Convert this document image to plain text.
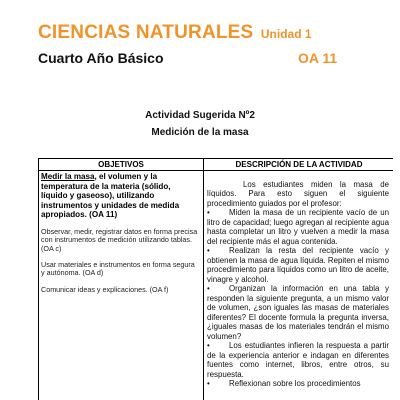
CIENCIAS NATURALES Unidad 1
Cuarto Año Básico	OA 11
Actividad Sugerida Nº2
Medición de la masa
OBJETIVOS	DESCRIPCIÓN DE LA ACTIVIDAD
Medir la masa, el volumen y la temperatura de la materia (sólido, líquido y gaseoso), utilizando instrumentos y unidades de medida apropiados. (OA 11)
Observar, medir, registrar datos en forma precisa con instrumentos de medición utilizando tablas. (OA c)
Usar materiales e instrumentos en forma segura y autónoma. (OA d)
Comunicar ideas y explicaciones. (OA f)

Los estudiantes miden la masa de líquidos. Para esto siguen el siguiente procedimiento guiados por el profesor:

• Miden la masa de un recipiente vacío de un litro de capacidad; luego agregan al recipiente agua hasta completar un litro y vuelven a medir la masa del recipiente más el agua contenida.

• Realizan la resta del recipiente vacío y obtienen la masa de agua líquida. Repiten el mismo procedimiento para líquidos como un litro de aceite, vinagre y alcohol.

• Organizan la información en una tabla y responden la siguiente pregunta, a un mismo valor de volumen, ¿son iguales las masas de materiales diferentes? El docente formula la pregunta inversa, ¿iguales masas de los materiales tendrán el mismo volumen?

• Los estudiantes infieren la respuesta a partir de la experiencia anterior e indagan en diferentes fuentes como internet, libros, entre otros, su respuesta.

• Reflexionan sobre los procedimientos
